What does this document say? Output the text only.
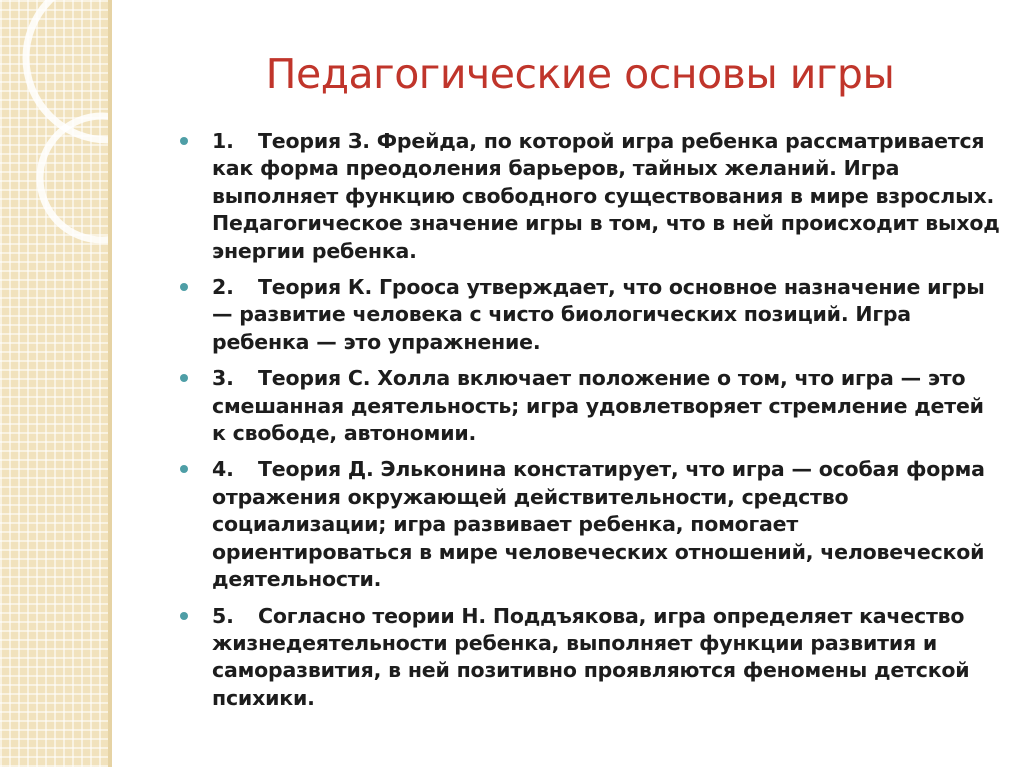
Педагогические основы игры
1. Теория З. Фрейда, по которой игра ребенка рассматривается как форма преодоления барьеров, тайных желаний. Игра выполняет функцию свободного существования в мире взрослых. Педагогическое значение игры в том, что в ней происходит выход энергии ребенка.
2. Теория К. Грооса утверждает, что основное назначение игры — развитие человека с чисто биологических позиций. Игра ребенка — это упражнение.
3. Теория С. Холла включает положение о том, что игра — это смешанная деятельность; игра удовлетворяет стремление детей к свободе, автономии.
4. Теория Д. Эльконина констатирует, что игра — особая форма отражения окружающей действительности, средство социализации; игра развивает ребенка, помогает ориентироваться в мире человеческих отношений, человеческой деятельности.
5. Согласно теории Н. Поддъякова, игра определяет качество жизнедеятельности ребенка, выполняет функции развития и саморазвития, в ней позитивно проявляются феномены детской психики.
